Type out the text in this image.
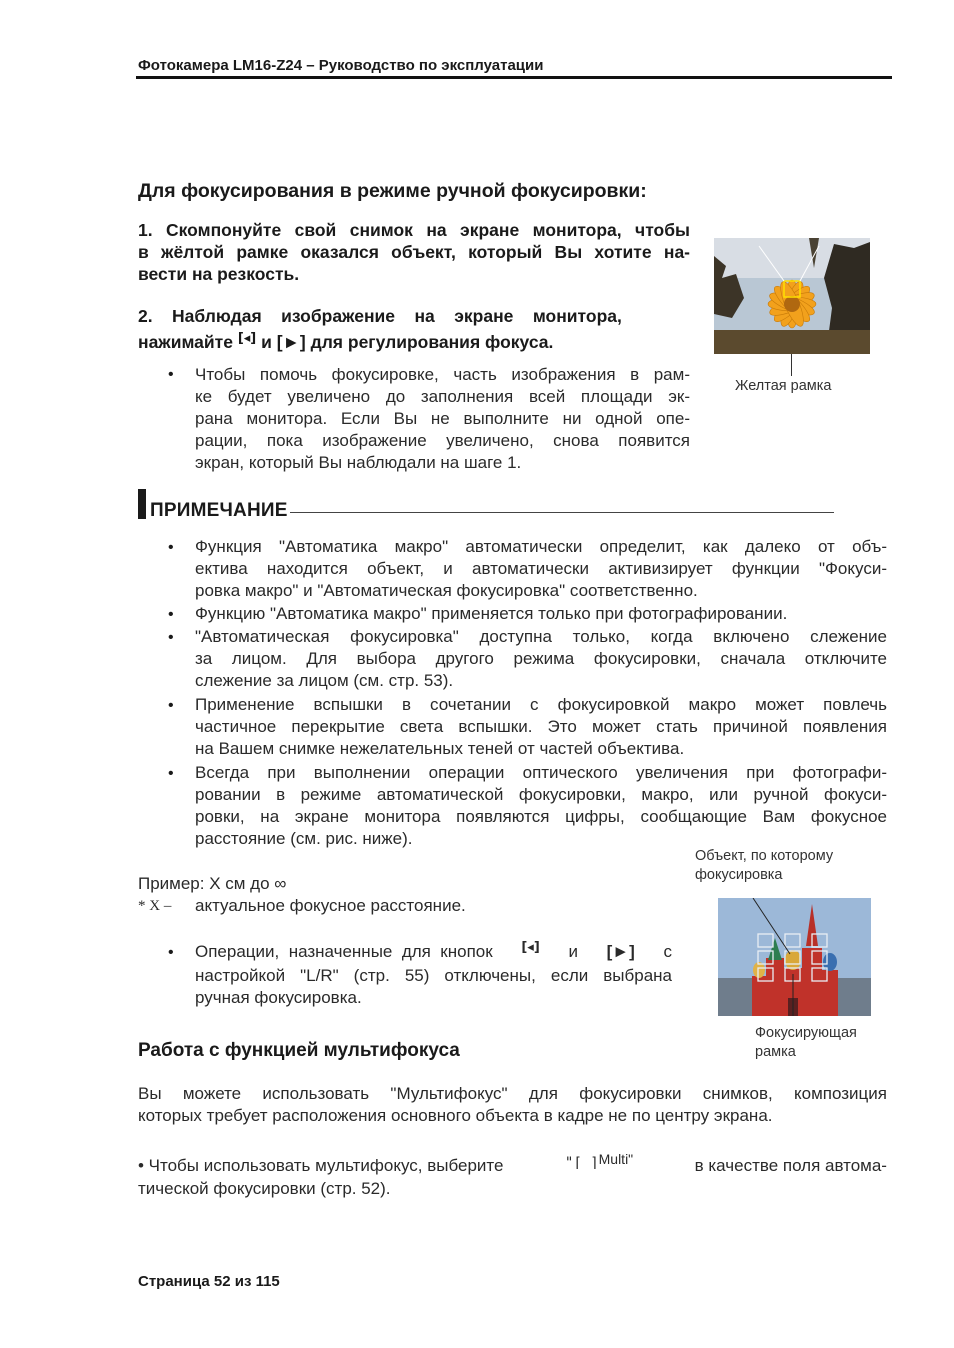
Фотокамера LM16-Z24 – Руководство по эксплуатации
Для фокусирования в режиме ручной фокусировки:
1. Скомпонуйте свой снимок на экране монитора, чтобы
в жёлтой рамке оказался объект, который Вы хотите на-
вести на резкость.
2.    Наблюдая    изображение    на    экране    монитора,
нажимайте [◂] и [►] для регулирования фокуса.
• Чтобы помочь фокусировке, часть изображения в рам-
ке будет увеличено до заполнения всей площади эк-
рана монитора. Если Вы не выполните ни одной опе-
рации, пока изображение увеличено, снова появится
экран, который Вы наблюдали на шаге 1.
Желтая рамка
ПРИМЕЧАНИЕ
• Функция "Автоматика макро" автоматически определит, как далеко от объ-
ектива находится объект, и автоматически активизирует функции "Фокуси-
ровка макро" и "Автоматическая фокусировка" соответственно.
• Функцию "Автоматика макро" применяется только при фотографировании.
• "Автоматическая фокусировка" доступна только, когда включено слежение
за лицом. Для выбора другого режима фокусировки, сначала отключите
слежение за лицом (см. стр. 53).
• Применение вспышки в сочетании с фокусировкой макро может повлечь
частичное перекрытие света вспышки. Это может стать причиной появления
на Вашем снимке нежелательных теней от частей объектива.
• Всегда при выполнении операции оптического увеличения при фотографи-
ровании в режиме автоматической фокусировки, макро, или ручной фокуси-
ровки, на экране монитора появляются цифры, сообщающие Вам фокусное
расстояние (см. рис. ниже).
Пример: X см до ∞
* X – актуальное фокусное расстояние.
• Операции,  назначенные  для  кнопок [◂] и [►] с
настройкой "L/R" (стр. 55) отключены, если выбрана
ручная фокусировка.
Объект, по которому
фокусировка
Фокусирующая
рамка
Работа с функцией мультифокуса
Вы  можете  использовать  "Мультифокус"  для  фокусировки  снимков,  композиция
которых требует расположения основного объекта в кадре не по центру экрана.
• Чтобы использовать мультифокус, выберите	"⌈ ⌉ Multi"	в качестве поля автома-
тической фокусировки (стр. 52).
Страница 52 из 115
